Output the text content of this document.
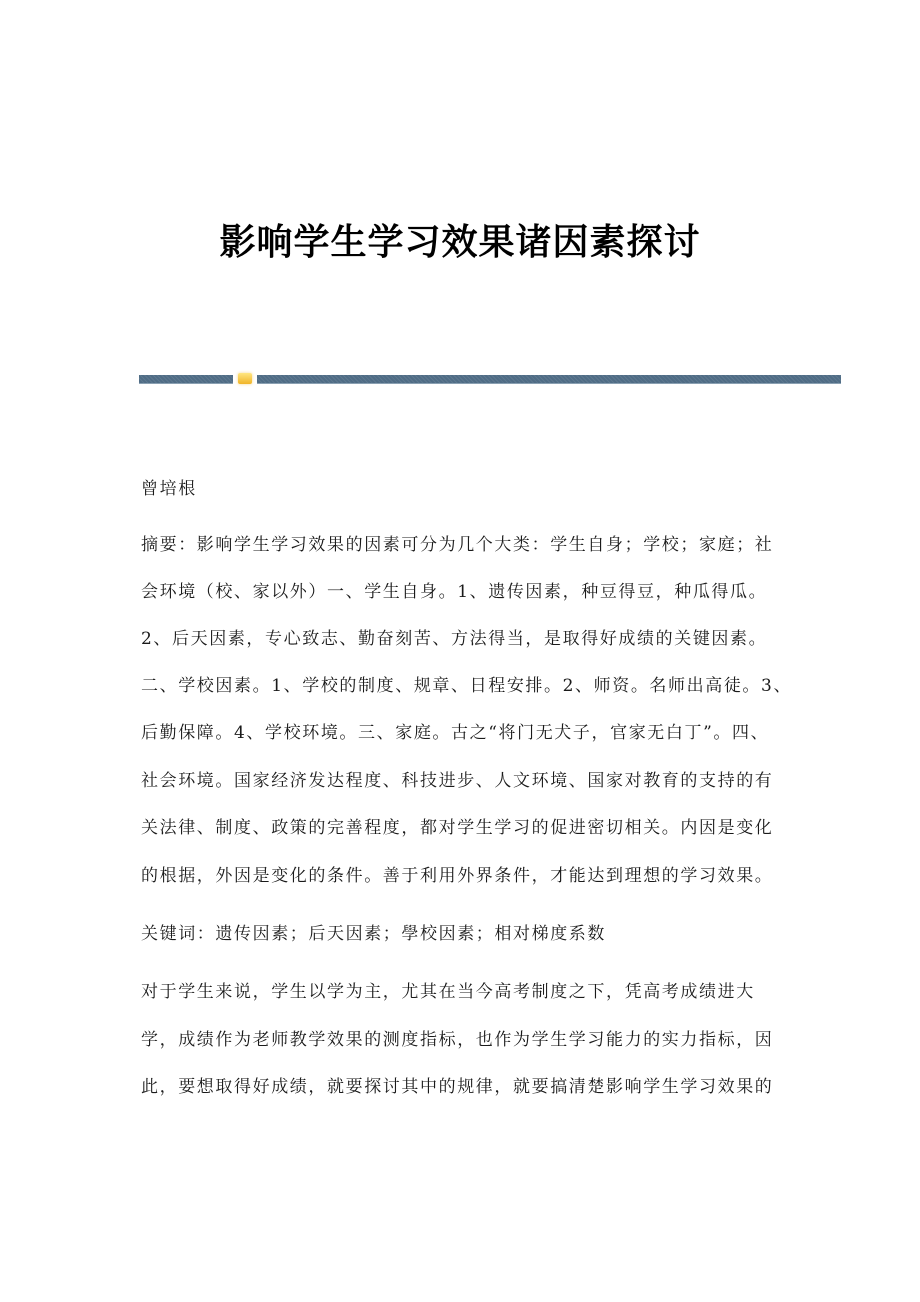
影响学生学习效果诸因素探讨
曾培根
摘要：影响学生学习效果的因素可分为几个大类：学生自身；学校；家庭；社
会环境（校、家以外）一、学生自身。1、遗传因素，种豆得豆，种瓜得瓜。
2、后天因素，专心致志、勤奋刻苦、方法得当，是取得好成绩的关键因素。
二、学校因素。1、学校的制度、规章、日程安排。2、师资。名师出高徒。3、
后勤保障。4、学校环境。三、家庭。古之“将门无犬子，官家无白丁”。四、
社会环境。国家经济发达程度、科技进步、人文环境、国家对教育的支持的有
关法律、制度、政策的完善程度，都对学生学习的促进密切相关。内因是变化
的根据，外因是变化的条件。善于利用外界条件，才能达到理想的学习效果。
关键词：遗传因素；后天因素；學校因素；相对梯度系数
对于学生来说，学生以学为主，尤其在当今高考制度之下，凭高考成绩进大
学，成绩作为老师教学效果的测度指标，也作为学生学习能力的实力指标，因
此，要想取得好成绩，就要探讨其中的规律，就要搞清楚影响学生学习效果的
